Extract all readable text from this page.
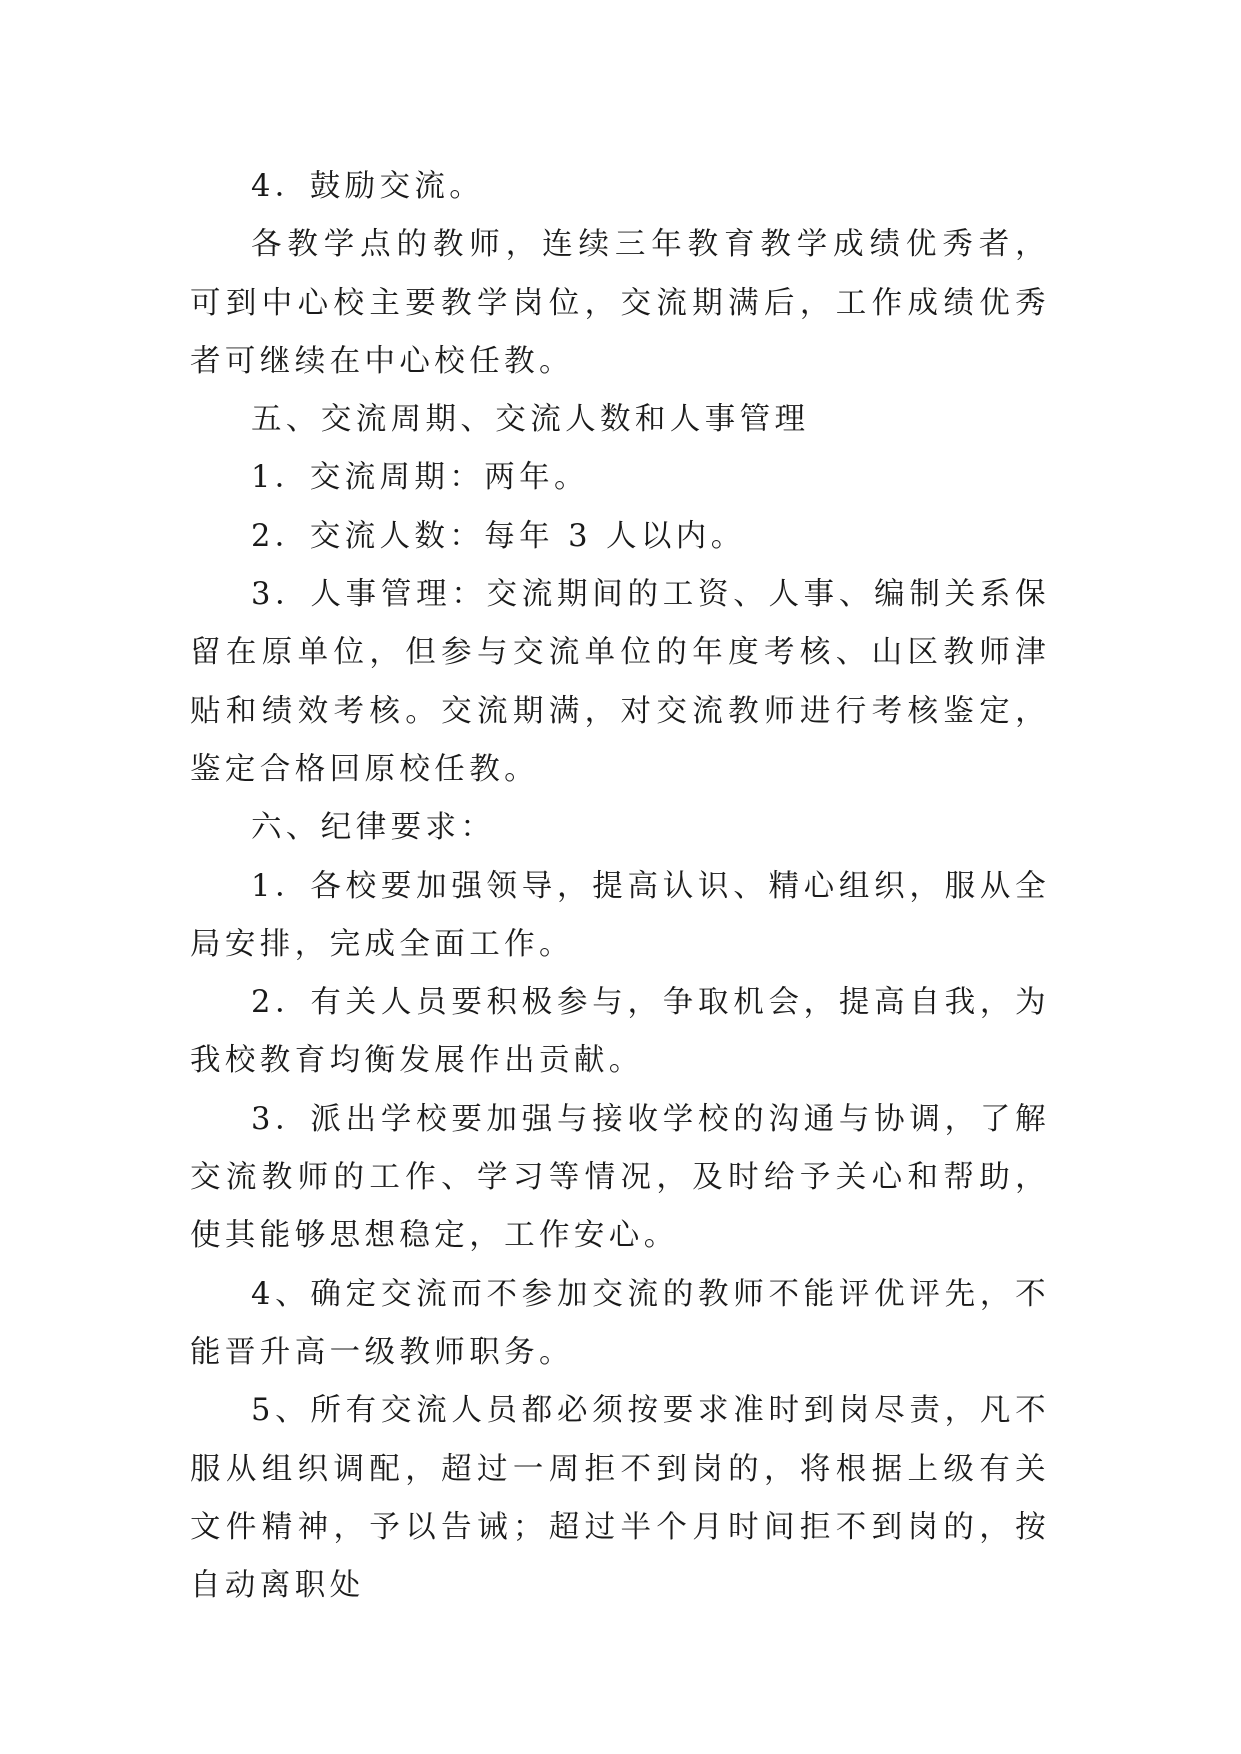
4．鼓励交流。

各教学点的教师，连续三年教育教学成绩优秀者，可到中心校主要教学岗位，交流期满后，工作成绩优秀者可继续在中心校任教。

五、交流周期、交流人数和人事管理

1．交流周期：两年。

2．交流人数：每年 3 人以内。

3．人事管理：交流期间的工资、人事、编制关系保留在原单位，但参与交流单位的年度考核、山区教师津贴和绩效考核。交流期满，对交流教师进行考核鉴定，鉴定合格回原校任教。

六、纪律要求：

1．各校要加强领导，提高认识、精心组织，服从全局安排，完成全面工作。

2．有关人员要积极参与，争取机会，提高自我，为我校教育均衡发展作出贡献。

3．派出学校要加强与接收学校的沟通与协调，了解交流教师的工作、学习等情况，及时给予关心和帮助，使其能够思想稳定，工作安心。

4、确定交流而不参加交流的教师不能评优评先，不能晋升高一级教师职务。

5、所有交流人员都必须按要求准时到岗尽责，凡不服从组织调配，超过一周拒不到岗的，将根据上级有关文件精神，予以告诫；超过半个月时间拒不到岗的，按自动离职处
